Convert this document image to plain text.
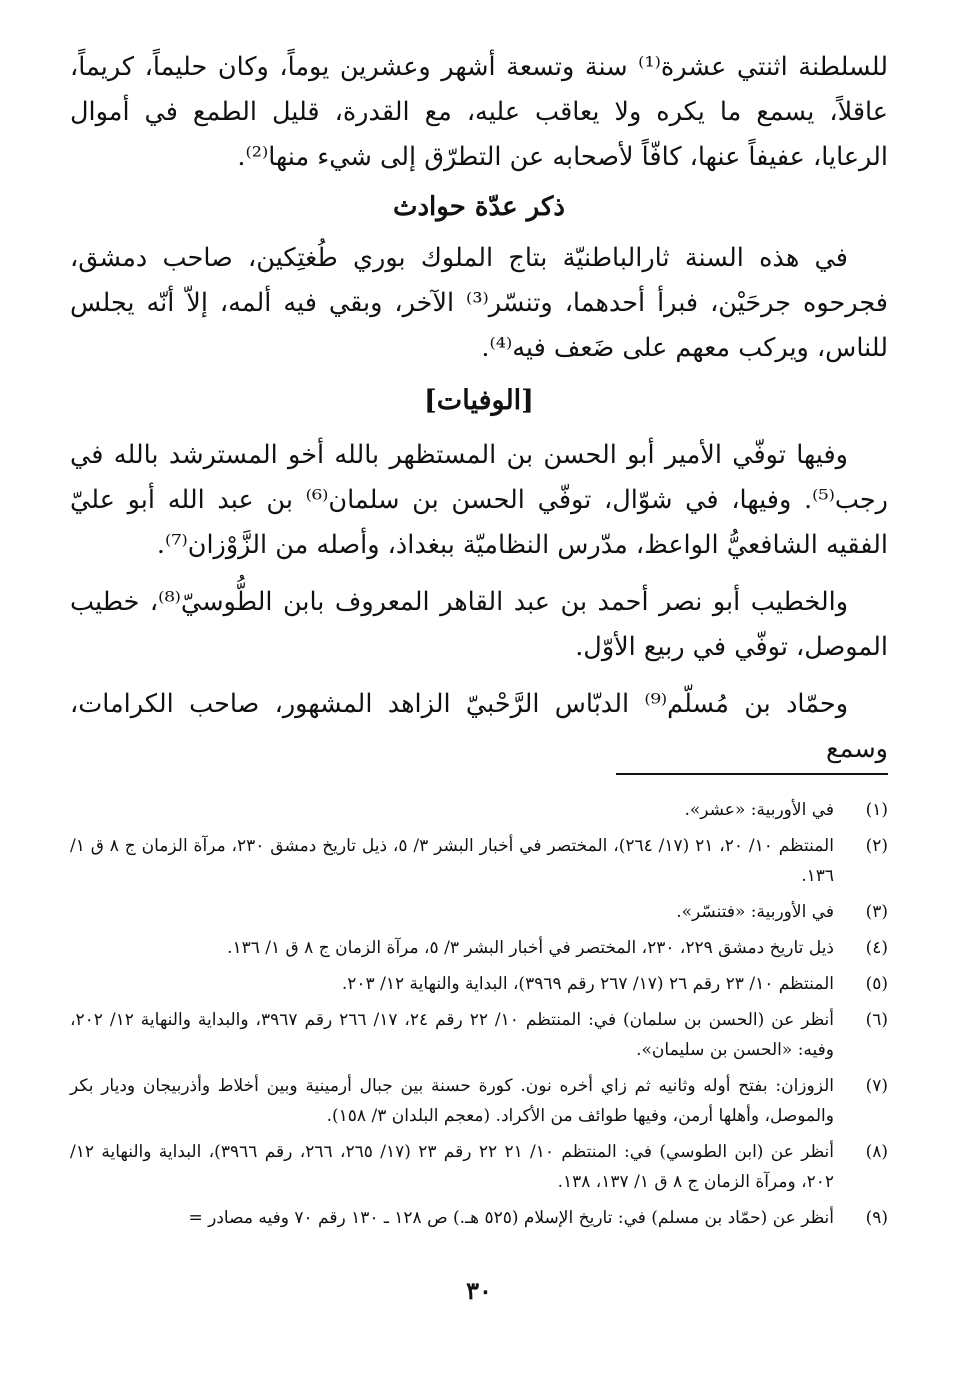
للسلطنة اثنتي عشرة⁽¹⁾ سنة وتسعة أشهر وعشرين يوماً، وكان حليماً، كريماً، عاقلاً، يسمع ما يكره ولا يعاقب عليه، مع القدرة، قليل الطمع في أموال الرعايا، عفيفاً عنها، كافّاً لأصحابه عن التطرّق إلى شيء منها⁽²⁾.

ذكر عدّة حوادث

في هذه السنة ثارالباطنيّة بتاج الملوك بوري طُغتِكين، صاحب دمشق، فجرحوه جرحَيْن، فبرأ أحدهما، وتنسّر⁽³⁾ الآخر، وبقي فيه ألمه، إلاّ أنّه يجلس للناس، ويركب معهم على ضَعف فيه⁽⁴⁾.

[الوفيات]

وفيها توفّي الأمير أبو الحسن بن المستظهر بالله أخو المسترشد بالله في رجب⁽⁵⁾. وفيها، في شوّال، توفّي الحسن بن سلمان⁽⁶⁾ بن عبد الله أبو عليّ الفقيه الشافعيُّ الواعظ، مدّرس النظاميّة ببغداذ، وأصله من الزَّوْزان⁽⁷⁾.

والخطيب أبو نصر أحمد بن عبد القاهر المعروف بابن الطُّوسيّ⁽⁸⁾، خطيب الموصل، توفّي في ربيع الأوّل.

وحمّاد بن مُسلّم⁽⁹⁾ الدبّاس الرَّحْبيّ الزاهد المشهور، صاحب الكرامات، وسمع

(١)
في الأوربية: «عشر».
(٢)
المنتظم ١٠/ ٢٠، ٢١ (١٧/ ٢٦٤)، المختصر في أخبار البشر ٣/ ٥، ذيل تاريخ دمشق ٢٣٠، مرآة الزمان ج ٨ ق ١/ ١٣٦.
(٣)
في الأوربية: «فتنسّر».
(٤)
ذيل تاريخ دمشق ٢٢٩، ٢٣٠، المختصر في أخبار البشر ٣/ ٥، مرآة الزمان ج ٨ ق ١/ ١٣٦.
(٥)
المنتظم ١٠/ ٢٣ رقم ٢٦ (١٧/ ٢٦٧ رقم ٣٩٦٩)، البداية والنهاية ١٢/ ٢٠٣.
(٦)
أنظر عن (الحسن بن سلمان) في: المنتظم ١٠/ ٢٢ رقم ٢٤، ١٧/ ٢٦٦ رقم ٣٩٦٧، والبداية والنهاية ١٢/ ٢٠٢، وفيه: «الحسن بن سليمان».
(٧)
الزوزان: بفتح أوله وثانيه ثم زاي أخره نون. كورة حسنة بين جبال أرمينية وبين أخلاط وأذربيجان وديار بكر والموصل، وأهلها أرمن، وفيها طوائف من الأكراد. (معجم البلدان ٣/ ١٥٨).
(٨)
أنظر عن (ابن الطوسي) في: المنتظم ١٠/ ٢١ ٢٢ رقم ٢٣ (١٧/ ٢٦٥، ٢٦٦، رقم ٣٩٦٦)، البداية والنهاية ١٢/ ٢٠٢، ومرآة الزمان ج ٨ ق ١/ ١٣٧، ١٣٨.
(٩)
أنظر عن (حمّاد بن مسلم) في: تاريخ الإسلام (٥٢٥ هـ.) ص ١٢٨ ـ ١٣٠ رقم ٧٠ وفيه مصادر =
٣٠
